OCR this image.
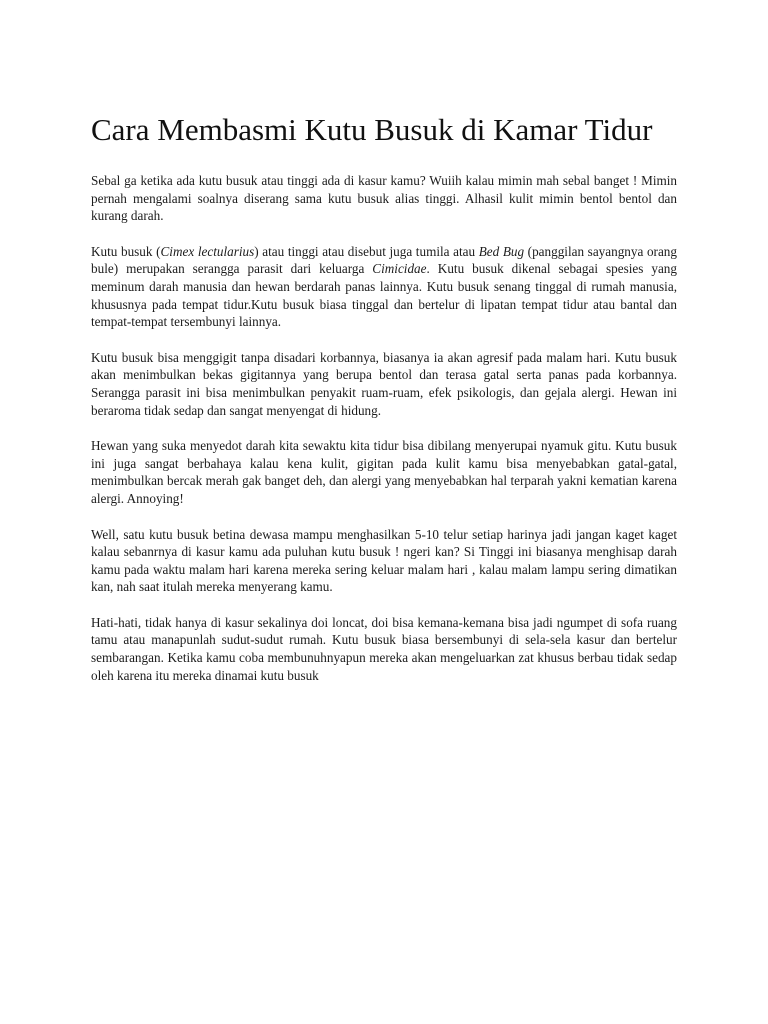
Cara Membasmi Kutu Busuk di Kamar Tidur

Sebal ga ketika ada kutu busuk atau tinggi ada di kasur kamu? Wuiih kalau mimin mah sebal banget ! Mimin pernah mengalami soalnya diserang sama kutu busuk alias tinggi. Alhasil kulit mimin bentol bentol dan kurang darah.

Kutu busuk (Cimex lectularius) atau tinggi atau disebut juga tumila atau Bed Bug (panggilan sayangnya orang bule) merupakan serangga parasit dari keluarga Cimicidae. Kutu busuk dikenal sebagai spesies yang meminum darah manusia dan hewan berdarah panas lainnya. Kutu busuk senang tinggal di rumah manusia, khususnya pada tempat tidur.Kutu busuk biasa tinggal dan bertelur di lipatan tempat tidur atau bantal dan tempat-tempat tersembunyi lainnya.

Kutu busuk bisa menggigit tanpa disadari korbannya, biasanya ia akan agresif pada malam hari. Kutu busuk akan menimbulkan bekas gigitannya yang berupa bentol dan terasa gatal serta panas pada korbannya. Serangga parasit ini bisa menimbulkan penyakit ruam-ruam, efek psikologis, dan gejala alergi. Hewan ini beraroma tidak sedap dan sangat menyengat di hidung.

Hewan yang suka menyedot darah kita sewaktu kita tidur bisa dibilang menyerupai nyamuk gitu. Kutu busuk ini juga sangat berbahaya kalau kena kulit, gigitan pada kulit kamu bisa menyebabkan gatal-gatal, menimbulkan bercak merah gak banget deh, dan alergi yang menyebabkan hal terparah yakni kematian karena alergi. Annoying!

Well, satu kutu busuk betina dewasa mampu menghasilkan 5-10 telur setiap harinya jadi jangan kaget kaget kalau sebanrnya di kasur kamu ada puluhan kutu busuk ! ngeri kan? Si Tinggi ini biasanya menghisap darah kamu pada waktu malam hari karena mereka sering keluar malam hari , kalau malam lampu sering dimatikan kan, nah saat itulah mereka menyerang kamu.

Hati-hati, tidak hanya di kasur sekalinya doi loncat, doi bisa kemana-kemana bisa jadi ngumpet di sofa ruang tamu atau manapunlah sudut-sudut rumah. Kutu busuk biasa bersembunyi di sela-sela kasur dan bertelur sembarangan. Ketika kamu coba membunuhnyapun mereka akan mengeluarkan zat khusus berbau tidak sedap oleh karena itu mereka dinamai kutu busuk
